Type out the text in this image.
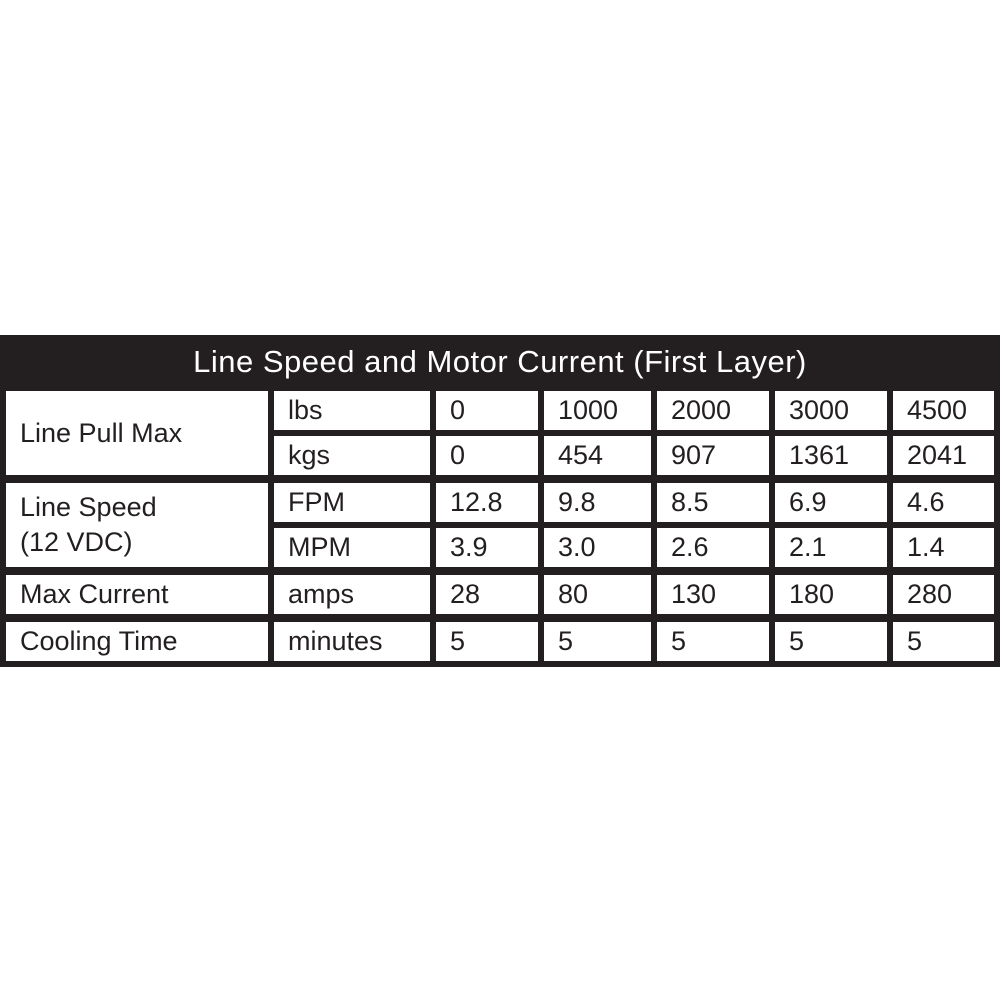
Line Speed and Motor Current (First Layer)						
Line Pull Max	lbs	0	1000	2000	3000	4500
	kgs	0	454	907	1361	2041
Line Speed
(12 VDC)	FPM	12.8	9.8	8.5	6.9	4.6
	MPM	3.9	3.0	2.6	2.1	1.4
Max Current	amps	28	80	130	180	280
Cooling Time	minutes	5	5	5	5	5
